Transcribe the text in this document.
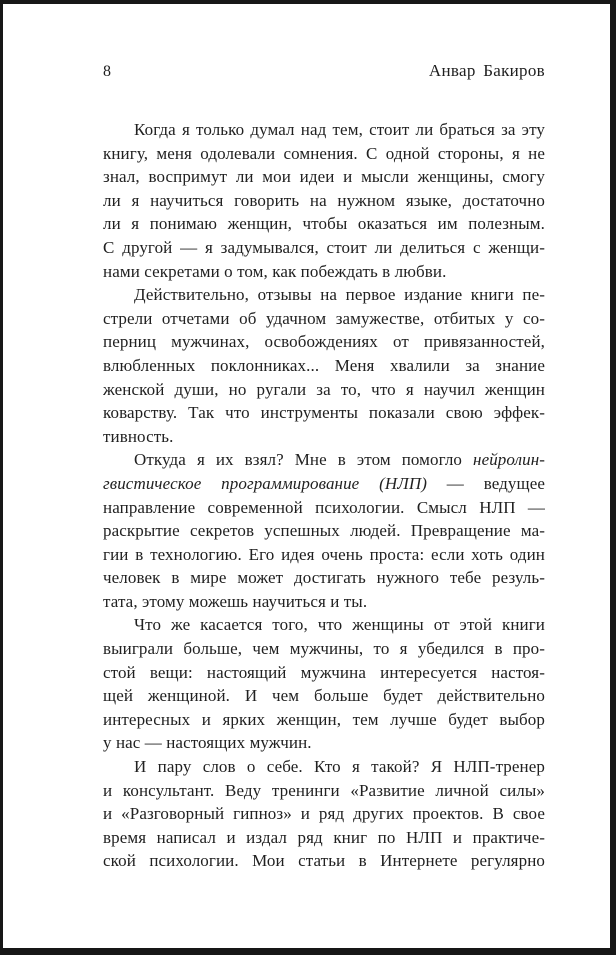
8	Анвар Бакиров
Когда я только думал над тем, стоит ли браться за эту
книгу, меня одолевали сомнения. С одной стороны, я не
знал, воспримут ли мои идеи и мысли женщины, смогу
ли я научиться говорить на нужном языке, достаточно
ли я понимаю женщин, чтобы оказаться им полезным.
С другой — я задумывался, стоит ли делиться с женщи-
нами секретами о том, как побеждать в любви.
Действительно, отзывы на первое издание книги пе-
стрели отчетами об удачном замужестве, отбитых у со-
перниц мужчинах, освобождениях от привязанностей,
влюбленных поклонниках... Меня хвалили за знание
женской души, но ругали за то, что я научил женщин
коварству. Так что инструменты показали свою эффек-
тивность.
Откуда я их взял? Мне в этом помогло нейролин-
гвистическое программирование (НЛП) — ведущее
направление современной психологии. Смысл НЛП —
раскрытие секретов успешных людей. Превращение ма-
гии в технологию. Его идея очень проста: если хоть один
человек в мире может достигать нужного тебе резуль-
тата, этому можешь научиться и ты.
Что же касается того, что женщины от этой книги
выиграли больше, чем мужчины, то я убедился в про-
стой вещи: настоящий мужчина интересуется настоя-
щей женщиной. И чем больше будет действительно
интересных и ярких женщин, тем лучше будет выбор
у нас — настоящих мужчин.
И пару слов о себе. Кто я такой? Я НЛП-тренер
и консультант. Веду тренинги «Развитие личной силы»
и «Разговорный гипноз» и ряд других проектов. В свое
время написал и издал ряд книг по НЛП и практиче-
ской психологии. Мои статьи в Интернете регулярно
